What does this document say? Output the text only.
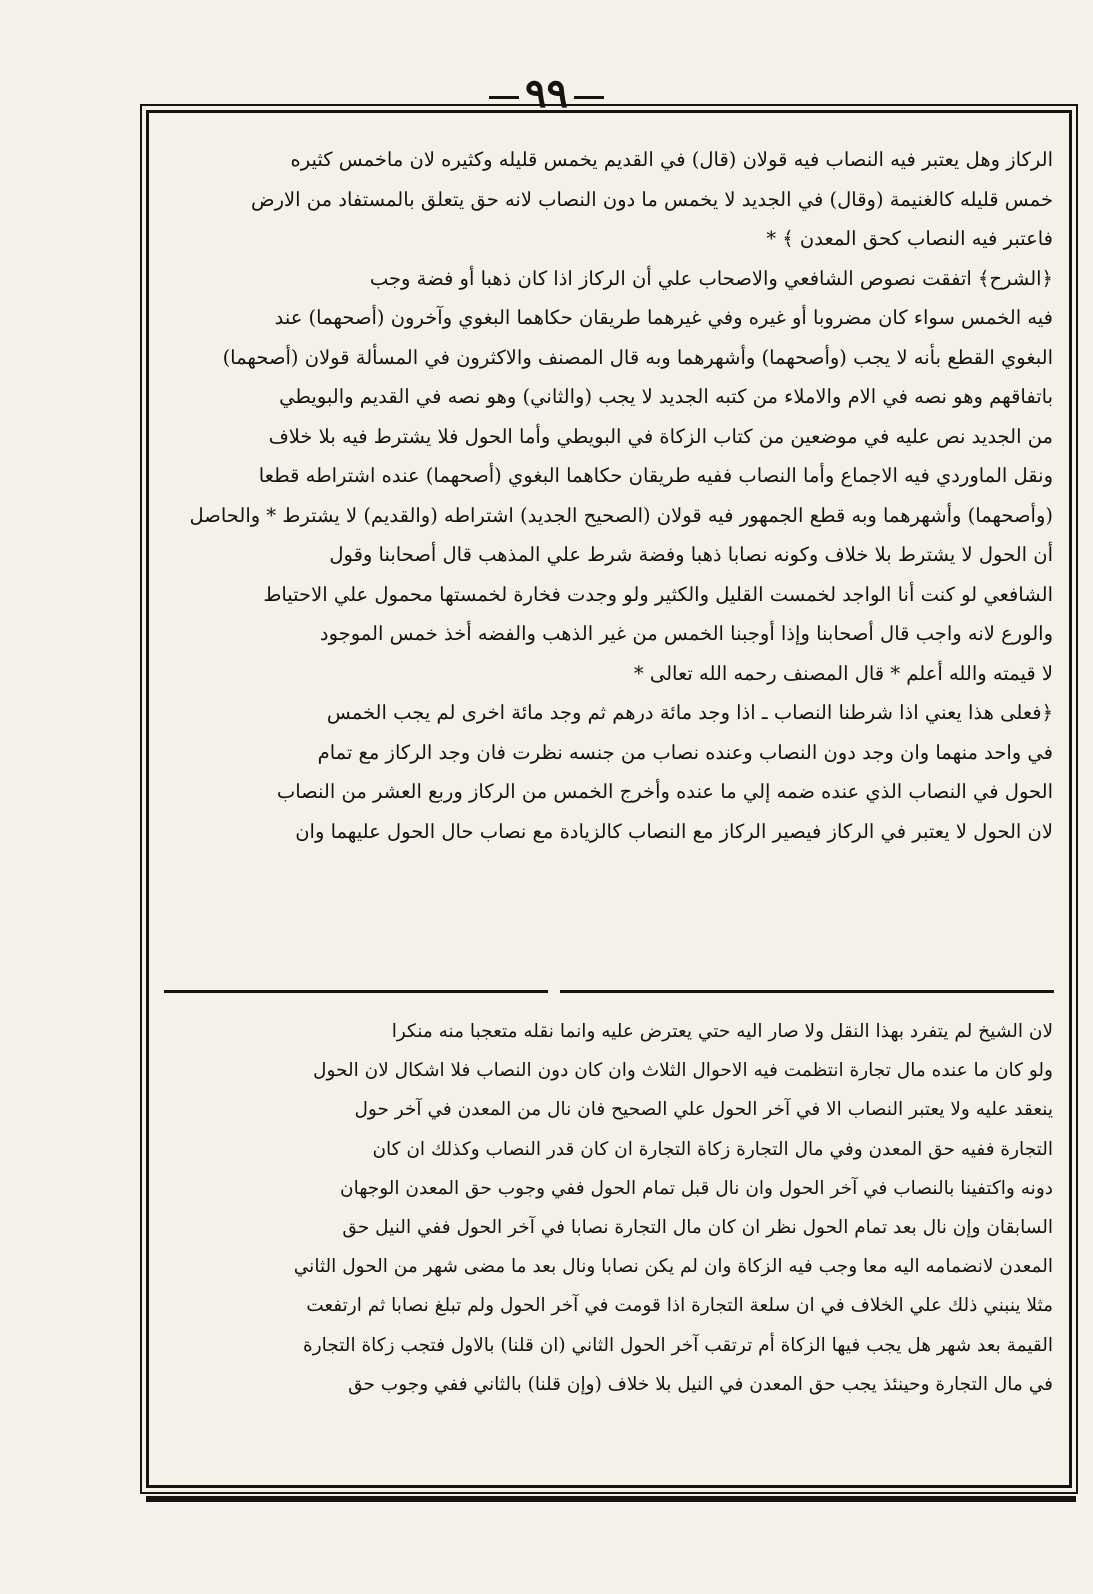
٩٩
الركاز وهل يعتبر فيه النصاب فيه قولان (قال) في القديم يخمس قليله وكثيره لان ماخمس كثيره
خمس قليله كالغنيمة (وقال) في الجديد لا يخمس ما دون النصاب لانه حق يتعلق بالمستفاد من الارض
فاعتبر فيه النصاب كحق المعدن ﴾ *
﴿الشرح﴾ اتفقت نصوص الشافعي والاصحاب علي أن الركاز اذا كان ذهبا أو فضة وجب
فيه الخمس سواء كان مضروبا أو غيره وفي غيرهما طريقان حكاهما البغوي وآخرون (أصحهما) عند
البغوي القطع بأنه لا يجب (وأصحهما) وأشهرهما وبه قال المصنف والاكثرون في المسألة قولان (أصحهما)
باتفاقهم وهو نصه في الام والاملاء من كتبه الجديد لا يجب (والثاني) وهو نصه في القديم والبويطي
من الجديد نص عليه في موضعين من كتاب الزكاة في البويطي وأما الحول فلا يشترط فيه بلا خلاف
ونقل الماوردي فيه الاجماع وأما النصاب ففيه طريقان حكاهما البغوي (أصحهما) عنده اشتراطه قطعا
(وأصحهما) وأشهرهما وبه قطع الجمهور فيه قولان (الصحيح الجديد) اشتراطه (والقديم) لا يشترط * والحاصل
أن الحول لا يشترط بلا خلاف وكونه نصابا ذهبا وفضة شرط علي المذهب قال أصحابنا وقول
الشافعي لو كنت أنا الواجد لخمست القليل والكثير ولو وجدت فخارة لخمستها محمول علي الاحتياط
والورع لانه واجب قال أصحابنا وإذا أوجبنا الخمس من غير الذهب والفضه أخذ خمس الموجود
لا قيمته والله أعلم * قال المصنف رحمه الله تعالى *
﴿فعلى هذا يعني اذا شرطنا النصاب ـ اذا وجد مائة درهم ثم وجد مائة اخرى لم يجب الخمس
في واحد منهما وان وجد دون النصاب وعنده نصاب من جنسه نظرت فان وجد الركاز مع تمام
الحول في النصاب الذي عنده ضمه إلي ما عنده وأخرج الخمس من الركاز وربع العشر من النصاب
لان الحول لا يعتبر في الركاز فيصير الركاز مع النصاب كالزيادة مع نصاب حال الحول عليهما وان
لان الشيخ لم يتفرد بهذا النقل ولا صار اليه حتي يعترض عليه وانما نقله متعجبا منه منكرا
ولو كان ما عنده مال تجارة انتظمت فيه الاحوال الثلاث وان كان دون النصاب فلا اشكال لان الحول
ينعقد عليه ولا يعتبر النصاب الا في آخر الحول علي الصحيح فان نال من المعدن في آخر حول
التجارة ففيه حق المعدن وفي مال التجارة زكاة التجارة ان كان قدر النصاب وكذلك ان كان
دونه واكتفينا بالنصاب في آخر الحول وان نال قبل تمام الحول ففي وجوب حق المعدن الوجهان
السابقان وإن نال بعد تمام الحول نظر ان كان مال التجارة نصابا في آخر الحول ففي النيل حق
المعدن لانضمامه اليه معا وجب فيه الزكاة وان لم يكن نصابا ونال بعد ما مضى شهر من الحول الثاني
مثلا ينبني ذلك علي الخلاف في ان سلعة التجارة اذا قومت في آخر الحول ولم تبلغ نصابا ثم ارتفعت
القيمة بعد شهر هل يجب فيها الزكاة أم ترتقب آخر الحول الثاني (ان قلنا) بالاول فتجب زكاة التجارة
في مال التجارة وحينئذ يجب حق المعدن في النيل بلا خلاف (وإن قلنا) بالثاني ففي وجوب حق
